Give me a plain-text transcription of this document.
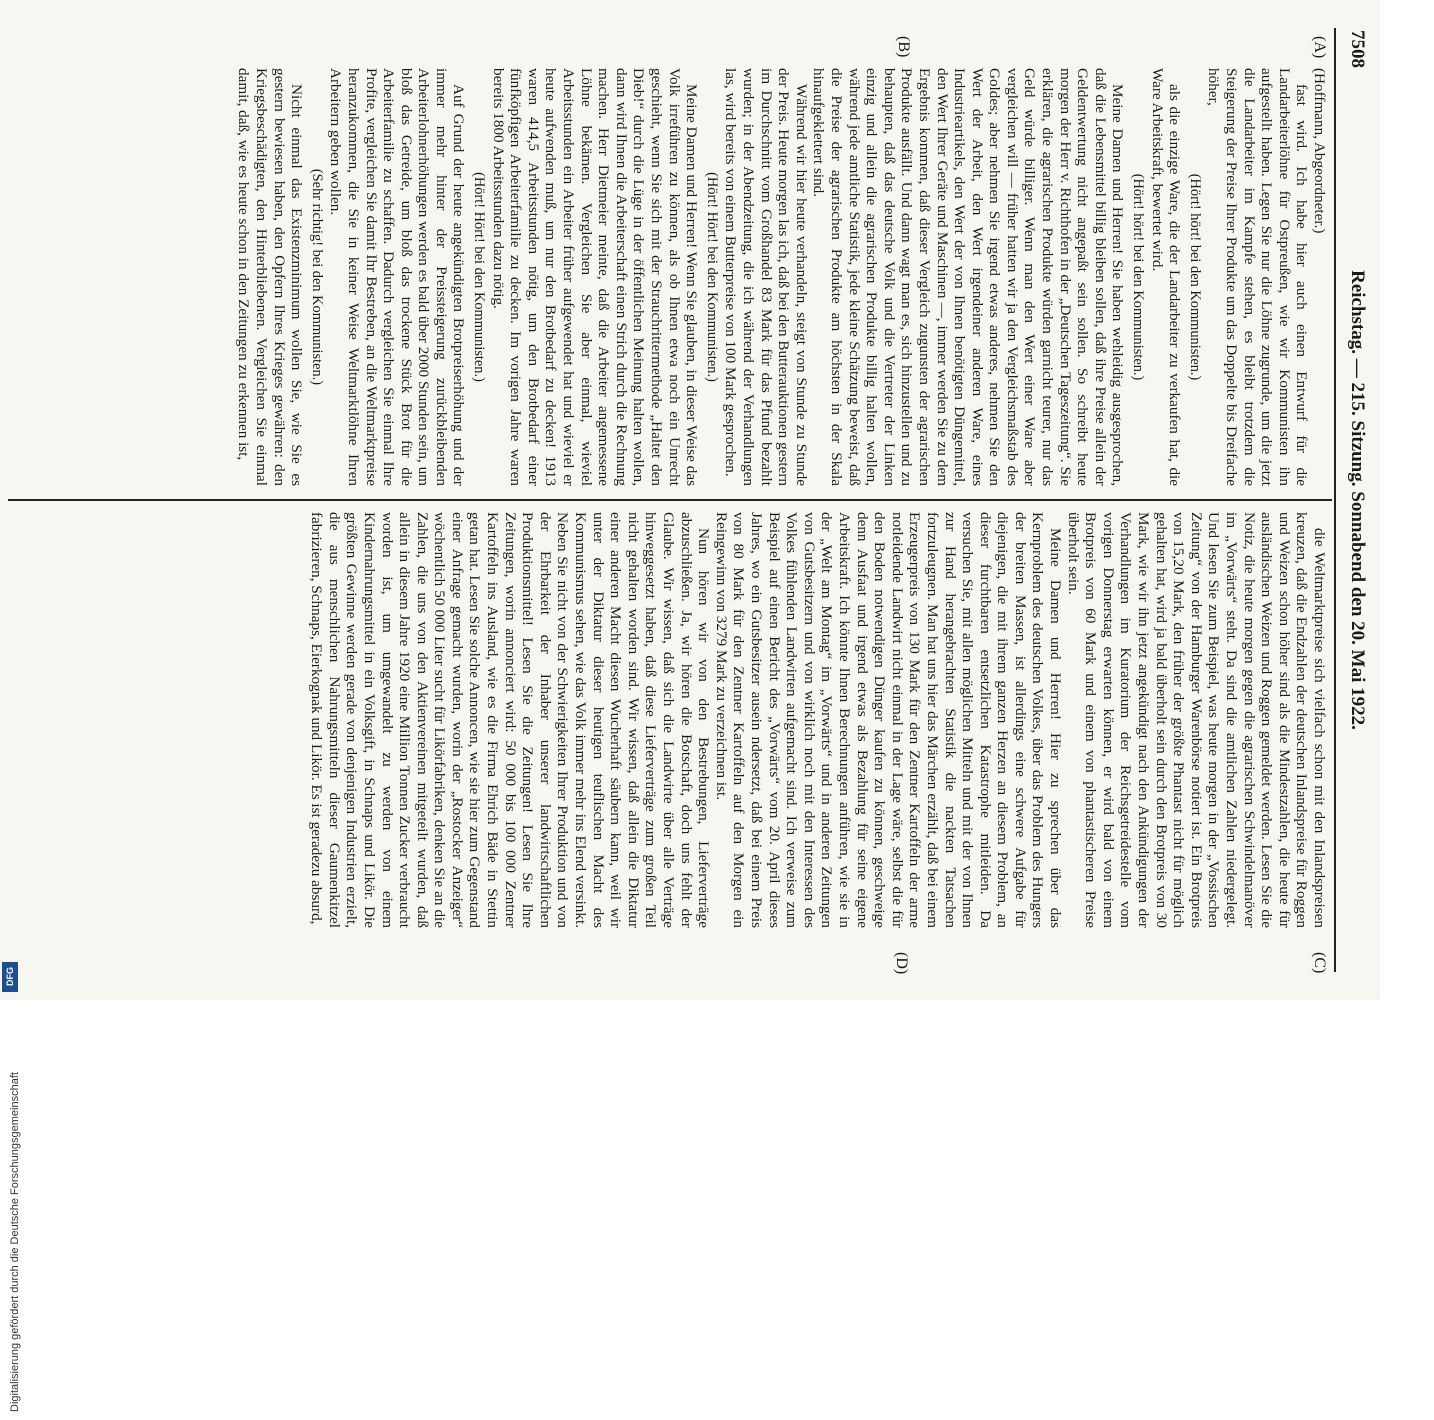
7508
Reichstag. — 215. Sitzung. Sonnabend den 20. Mai 1922.
(A)
(B)
(C)
(D)

(Hoffmann, Abgeordneter.)

fast wird. Ich habe hier auch einen Entwurf für die Landarbeiterlöhne für Ostpreußen, wie wir Kommunisten ihn aufgestellt haben. Legen Sie nur die Löhne zugrunde, um die jetzt die Landarbeiter im Kampfe stehen, es bleibt trotzdem die Steigerung der Preise Ihrer Produkte um das Doppelte bis Dreifache höher,

(Hört! hört! bei den Kommunisten.)

als die einzige Ware, die der Landarbeiter zu verkaufen hat, die Ware Arbeitskraft, bewertet wird.

(Hört! hört! bei den Kommunisten.)

Meine Damen und Herren! Sie haben wehleidig ausgesprochen, daß die Lebensmittel billig bleiben sollen, daß ihre Preise allein der Geldentwertung nicht angepaßt sein sollen. So schreibt heute morgen der Herr v. Richthofen in der „Deutschen Tageszeitung“. Sie erklären, die agrarischen Produkte würden garnicht teurer, nur das Geld würde billiger. Wenn man den Wert einer Ware aber vergleichen will — früher hatten wir ja den Vergleichsmaßstab des Goldes; aber nehmen Sie irgend etwas anderes, nehmen Sie den Wert der Arbeit, den Wert irgendeiner anderen Ware, eines Industrieartikels, den Wert der von Ihnen benötigten Düngemittel, den Wert Ihrer Geräte und Maschinen —, immer werden Sie zu dem Ergebnis kommen, daß dieser Vergleich zugunsten der agrarischen Produkte ausfällt. Und dann wagt man es, sich hinzustellen und zu behaupten, daß das deutsche Volk und die Vertreter der Linken einzig und allein die agrarischen Produkte billig halten wollen, während jede amtliche Statistik, jede kleine Schätzung beweist, daß die Preise der agrarischen Produkte am höchsten in der Skala hinaufgeklettert sind.

Während wir hier heute verhandeln, steigt von Stunde zu Stunde der Preis. Heute morgen las ich, daß bei den Butterauktionen gestern im Durchschnitt vom Großhandel 83 Mark für das Pfund bezahlt wurden; in der Abendzeitung, die ich während der Verhandlungen las, wird bereits von einem Butterpreise von 100 Mark gesprochen.

(Hört! Hört! bei den Kommunisten.)

Meine Damen und Herren! Wenn Sie glauben, in dieser Weise das Volk irreführen zu können, als ob Ihnen etwa noch ein Unrecht geschieht, wenn Sie sich mit der Strauchrittermethode „Haltet den Dieb!“ durch die Lüge in der öffentlichen Meinung halten wollen, dann wird Ihnen die Arbeiterschaft einen Strich durch die Rechnung machen. Herr Dietmeier meinte, daß die Arbeiter angemessene Löhne bekämen. Vergleichen Sie aber einmal, wieviel Arbeitsstunden ein Arbeiter früher aufgewendet hat und wieviel er heute aufwenden muß, um nur den Brotbedarf zu decken! 1913 waren 414,5 Arbeitsstunden nötig, um den Brotbedarf einer fünfköpfigen Arbeiterfamilie zu decken. Im vorigen Jahre waren bereits 1800 Arbeitsstunden dazu nötig.

(Hört! Hört! bei den Kommunisten.)

Auf Grund der heute angekündigten Brotpreiserhöhung und der immer mehr hinter der Preissteigerung zurückbleibenden Arbeiterlohnerhöhungen werden es bald über 2000 Stunden sein, um bloß das Getreide, um bloß das trockene Stück Brot für die Arbeiterfamilie zu schaffen. Dadurch vergleichen Sie einmal Ihre Profite, vergleichen Sie damit Ihr Bestreben, an die Weltmarktpreise heranzukommen, die Sie in keiner Weise Weltmarktlöhne Ihren Arbeitern geben wollen.

(Sehr richtig! bei den Kommunisten.)

Nicht einmal das Existenzminimum wollen Sie, wie Sie es gestern bewiesen haben, den Opfern Ihres Krieges gewähren: den Kriegsbeschädigten, den Hinterbliebenen. Vergleichen Sie einmal damit, daß, wie es heute schon in den Zeitungen zu erkennen ist,

die Weltmarktpreise sich vielfach schon mit den Inlandspreisen kreuzen, daß die Endzahlen der deutschen Inlandspreise für Roggen und Weizen schon höher sind als die Mindestzahlen, die heute für ausländischen Weizen und Roggen gemeldet werden. Lesen Sie die Notiz, die heute morgen gegen die agrarischen Schwindelmanöver im „Vorwärts“ steht. Da sind die amtlichen Zahlen niedergelegt. Und lesen Sie zum Beispiel, was heute morgen in der „Vossischen Zeitung“ von der Hamburger Warenbörse notiert ist. Ein Brotpreis von 15,20 Mark, den früher der größte Phantast nicht für möglich gehalten hat, wird ja bald überholt sein durch den Brotpreis von 30 Mark, wie wir ihn jetzt angekündigt nach den Ankündigungen der Verhandlungen im Kuratorium der Reichsgetreidestelle vom vorigen Donnerstag erwarten können, er wird bald von einem Brotpreis von 60 Mark und einem von phantastischeren Preise überholt sein.

Meine Damen und Herren! Hier zu sprechen über das Kernproblem des deutschen Volkes, über das Problem des Hungers der breiten Massen, ist allerdings eine schwere Aufgabe für diejenigen, die mit ihrem ganzen Herzen an diesem Problem, an dieser furchtbaren entsetzlichen Katastrophe mitleiden. Da versuchen Sie, mit allen möglichen Mitteln und mit der von Ihnen zur Hand herangebrachten Statistik die nackten Tatsachen fortzuleugnen. Man hat uns hier das Märchen erzählt, daß bei einem Erzeugerpreis von 130 Mark für den Zentner Kartoffeln der arme notleidende Landwirt nicht einmal in der Lage wäre, selbst die für den Boden notwendigen Dünger kaufen zu können, geschweige denn Ausfaat und irgend etwas als Bezahlung für seine eigene Arbeitskraft. Ich könnte Ihnen Berechnungen anführen, wie sie in der „Welt am Montag“ im „Vorwärts“ und in anderen Zeitungen von Gutsbesitzern und von wirklich noch mit den Interessen des Volkes fühlenden Landwirten aufgemacht sind. Ich verweise zum Beispiel auf einen Bericht des „Vorwärts“ vom 20. April dieses Jahres, wo ein Gutsbesitzer ausein ndersetzt, daß bei einem Preis von 80 Mark für den Zentner Kartoffeln auf den Morgen ein Reingewinn von 3279 Mark zu verzeichnen ist.

Nun hören wir von den Bestrebungen, Lieferverträge abzuschließen. Ja, wir hören die Botschaft, doch uns fehlt der Glaube. Wir wissen, daß sich die Landwirte über alle Verträge hinweggesetzt haben, daß diese Lieferverträge zum großen Teil nicht gehalten worden sind. Wir wissen, daß allein die Diktatur einer anderen Macht diesen Wucherhaft säubern kann, weil wir unter der Diktatur dieser heutigen teuflischen Macht des Kommunismus sehen, wie das Volk immer mehr ins Elend versinkt. Neben Sie nicht von der Schwierigkeiten Ihrer Produktion und von der Ehrbarkeit der Inhaber unserer landwirtschaftlichen Produktionsmittel! Lesen Sie die Zeitungen! Lesen Sie Ihre Zeitungen, worin annonciert wird: 50 000 bis 100 000 Zentner Kartoffeln ins Ausland, wie es die Firma Ehrich Bäde in Stettin getan hat. Lesen Sie solche Annoncen, wie sie hier zum Gegenstand einer Anfrage gemacht wurden, worin der „Rostocker Anzeiger“ wöchentlich 50 000 Liter sucht für Likörfabriken, denken Sie an die Zahlen, die uns von den Aktienvereinen mitgeteilt wurden, daß allein in diesem Jahre 1920 eine Million Tonnen Zucker verbraucht worden ist, um umgewandelt zu werden von einem Kindernahrungsmittel in ein Volksgift, in Schnaps und Likör. Die größten Gewinne werden gerade von denjenigen Industrien erzielt, die aus menschlichen Nahrungsmitteln dieser Gaumenkitzel fabrizieren, Schnaps, Eierkognak und Likör. Es ist geradezu absurd,

Digitalisierung gefördert durch die Deutsche Forschungsgemeinschaft
DFG
